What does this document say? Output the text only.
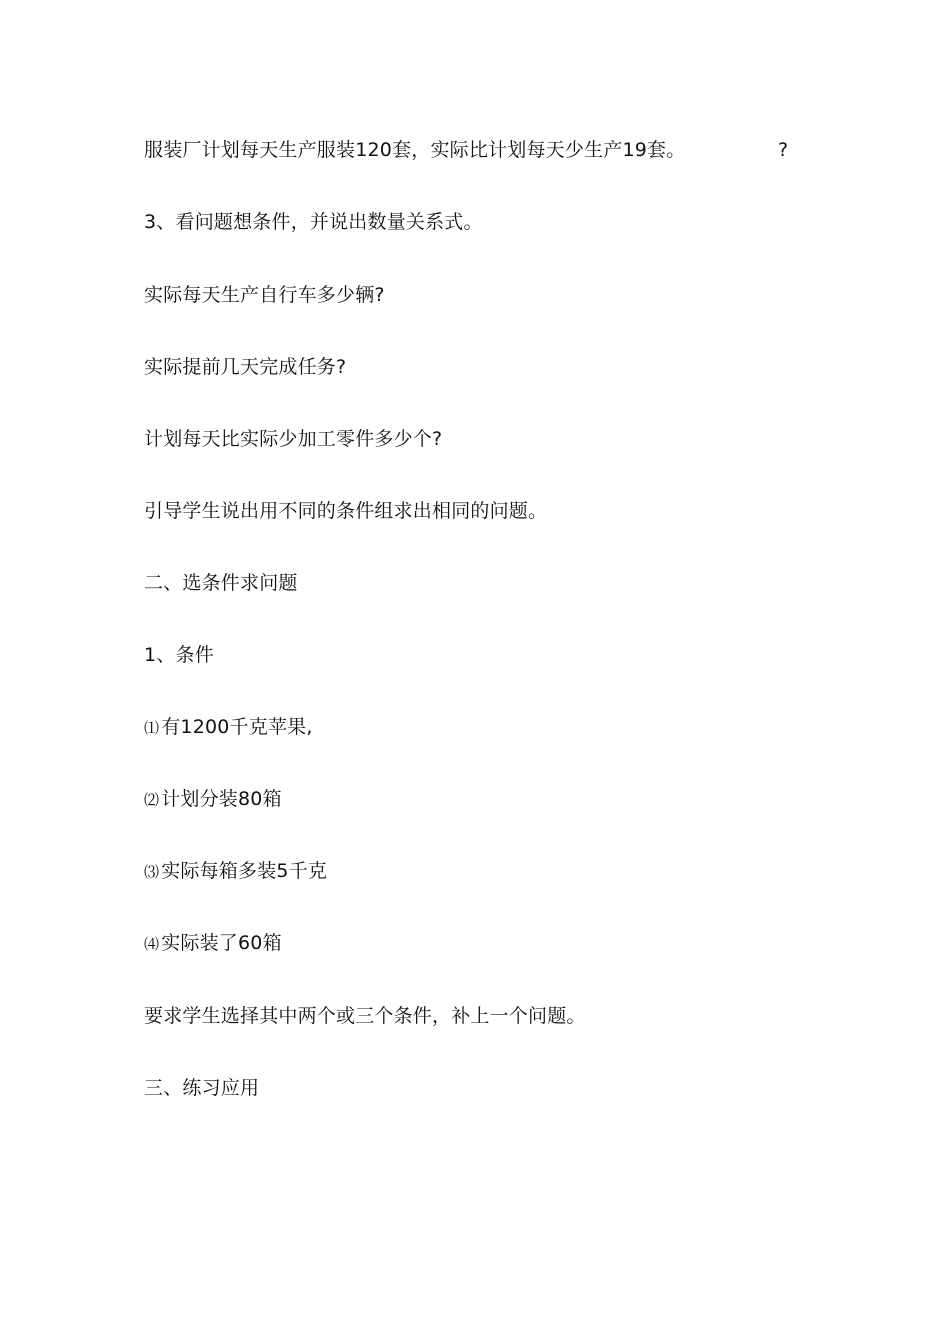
服装厂计划每天生产服装120套，实际比计划每天少生产19套。	?
3、看问题想条件，并说出数量关系式。
实际每天生产自行车多少辆?
实际提前几天完成任务?
计划每天比实际少加工零件多少个?
引导学生说出用不同的条件组求出相同的问题。
二、选条件求问题
1、条件
⑴ 有1200千克苹果,
⑵ 计划分装80箱
⑶ 实际每箱多装5千克
⑷ 实际装了60箱
要求学生选择其中两个或三个条件，补上一个问题。
三、练习应用
